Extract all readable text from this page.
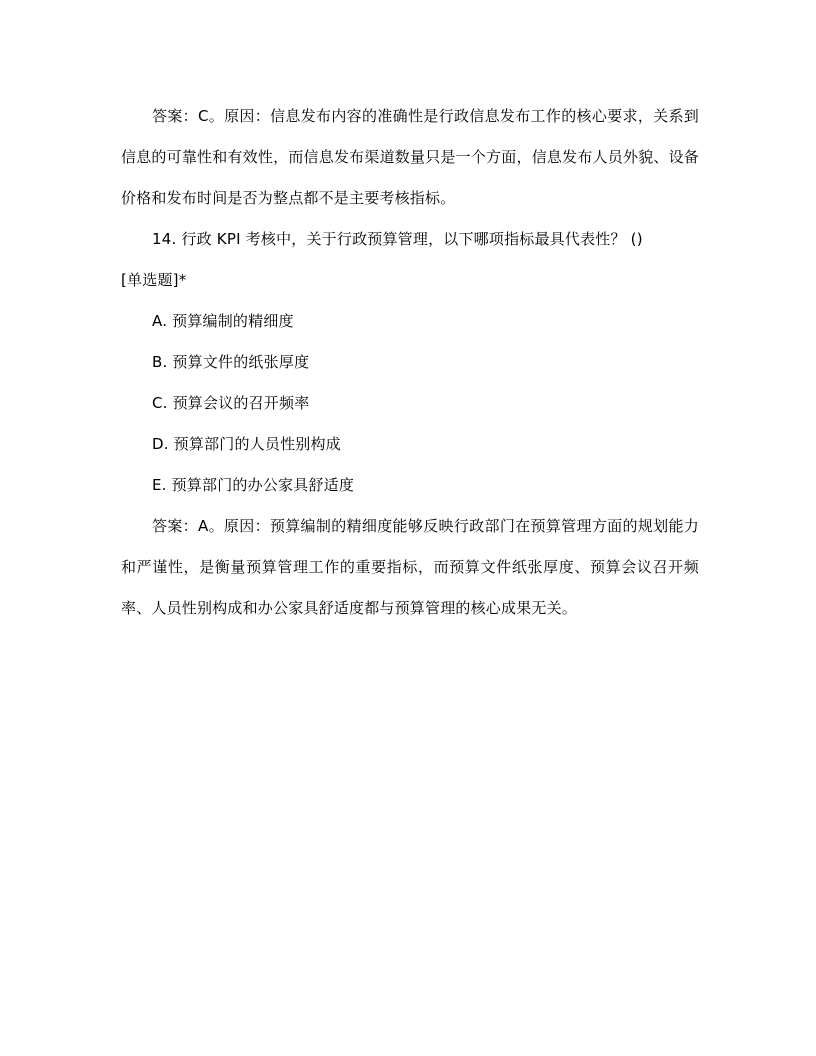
答案：C。原因：信息发布内容的准确性是行政信息发布工作的核心要求，关系到信息的可靠性和有效性，而信息发布渠道数量只是一个方面，信息发布人员外貌、设备价格和发布时间是否为整点都不是主要考核指标。

14. 行政 KPI 考核中，关于行政预算管理，以下哪项指标最具代表性？ ()

[单选题]*

A. 预算编制的精细度

B. 预算文件的纸张厚度

C. 预算会议的召开频率

D. 预算部门的人员性别构成

E. 预算部门的办公家具舒适度

答案：A。原因：预算编制的精细度能够反映行政部门在预算管理方面的规划能力和严谨性，是衡量预算管理工作的重要指标，而预算文件纸张厚度、预算会议召开频率、人员性别构成和办公家具舒适度都与预算管理的核心成果无关。
